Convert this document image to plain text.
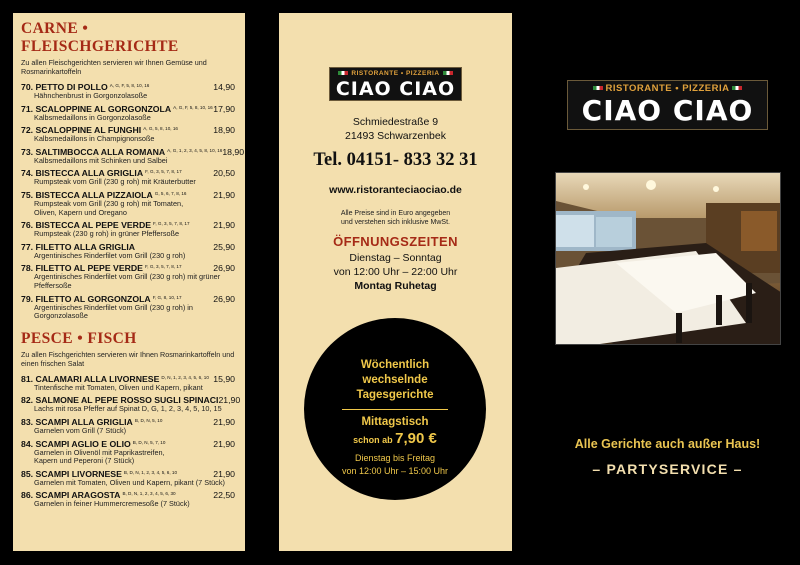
CARNE • FLEISCHGERICHTE
Zu allen Fleischgerichten servieren wir Ihnen Gemüse und Rosmarinkartoffeln
70. PETTO DI POLLO $^{A, G, F, 5, 8, 10, 16}$	14,90
Hähnchenbrust in Gorgonzolasoße
71. SCALOPPINE AL GORGONZOLA $^{A, G, F, 5, 8, 10, 16}$ 17,90
Kalbsmedaillons in Gorgonzolasoße
72. SCALOPPINE AL FUNGHI $^{A, G, 5, 8, 10, 16}$	18,90
Kalbsmedaillons in Champignonsoße
73. SALTIMBOCCA ALLA ROMANA $^{A, G, 1, 2, 3, 4, 5, 8, 10, 16}$ 18,90
Kalbsmedaillons mit Schinken und Salbei
74. BISTECCA ALLA GRIGLIA $^{F, G, 3, 5, 7, 8, 17}$	20,50
Rumpsteak vom Grill (230 g roh) mit Kräuterbutter
75. BISTECCA ALLA PIZZAIOLA $^{G, 5, 6, 7, 8, 16}$	21,90
Rumpsteak vom Grill (230 g roh) mit Tomaten,
Oliven, Kapern und Oregano
76. BISTECCA AL PEPE VERDE $^{F, G, 3, 5, 7, 8, 17}$	21,90
Rumpsteak (230 g roh) in grüner Pfeffersoße
77. FILETTO ALLA GRIGLIA	25,90
Argentinisches Rinderfilet vom Grill (230 g roh)
78. FILETTO AL PEPE VERDE $^{F, G, 3, 5, 7, 8, 17}$	26,90
Argentinisches Rinderfilet vom Grill (230 g roh) mit grüner Pfeffersoße
79. FILETTO AL GORGONZOLA $^{F, G, 8, 10, 17}$	26,90
Argentinisches Rinderfilet vom Grill (230 g roh) in Gorgonzolasoße
PESCE • FISCH
Zu allen Fischgerichten servieren wir Ihnen Rosmarinkartoffeln und einen frischen Salat
81. CALAMARI ALLA LIVORNESE $^{D, N, 1, 2, 3, 4, 5, 6, 10}$ 15,90
Tintenfische mit Tomaten, Oliven und Kapern, pikant
82. SALMONE AL PEPE ROSSO SUGLI SPINACI 21,90
Lachs mit rosa Pfeffer auf Spinat D, G, 1, 2, 3, 4, 5, 10, 15
83. SCAMPI ALLA GRIGLIA $^{B, D, N, 5, 10}$	21,90
Garnelen vom Grill (7 Stück)
84. SCAMPI AGLIO E OLIO $^{B, D, N, 5, 7, 10}$	21,90
Garnelen in Olivenöl mit Paprikastreifen,
Kapern und Peperoni (7 Stück)
85. SCAMPI LIVORNESE $^{B, D, N, 1, 2, 3, 4, 5, 6, 10}$	21,90
Garnelen mit Tomaten, Oliven und Kapern, pikant (7 Stück)
86. SCAMPI ARAGOSTA $^{B, D, N, 1, 2, 3, 4, 5, 6, 30}$	22,50
Garnelen in feiner Hummercremesoße (7 Stück)
RISTORANTE • PIZZERIA
CIAO CIAO
Schmiedestraße 9
21493 Schwarzenbek
Tel. 04151- 833 32 31
www.ristoranteciaociao.de
Alle Preise sind in Euro angegeben
und verstehen sich inklusive MwSt.
ÖFFNUNGSZEITEN
Dienstag – Sonntag
von 12:00 Uhr – 22:00 Uhr
Montag Ruhetag
Wöchentlich
wechselnde
Tagesgerichte
Mittagstisch
schon ab 7,90 €
Dienstag bis Freitag
von 12:00 Uhr – 15:00 Uhr
RISTORANTE • PIZZERIA
CIAO CIAO
Alle Gerichte auch außer Haus!
– PARTYSERVICE –
